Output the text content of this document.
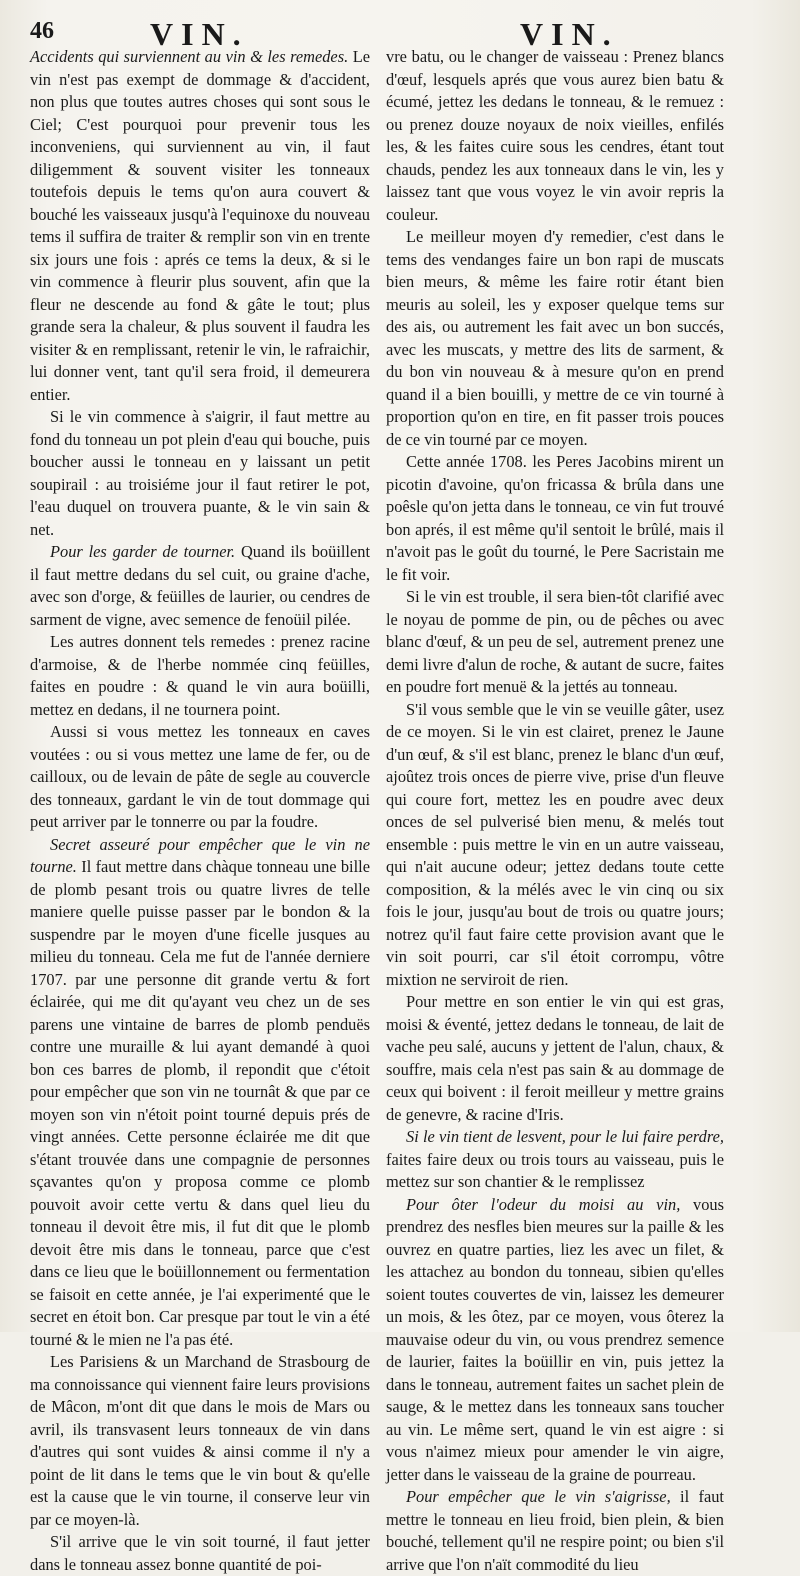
46	VIN.	VIN.

Accidents qui surviennent au vin & les remedes. Le vin n'est pas exempt de dommage & d'accident, non plus que toutes autres choses qui sont sous le Ciel; C'est pourquoi pour prevenir tous les inconveniens, qui surviennent au vin, il faut diligemment & souvent visiter les tonneaux toutefois depuis le tems qu'on aura couvert & bouché les vaisseaux jusqu'à l'equinoxe du nouveau tems il suffira de traiter & remplir son vin en trente six jours une fois : aprés ce tems la deux, & si le vin commence à fleurir plus souvent, afin que la fleur ne descende au fond & gâte le tout; plus grande sera la chaleur, & plus souvent il faudra les visiter & en remplissant, retenir le vin, le rafraichir, lui donner vent, tant qu'il sera froid, il demeurera entier.

Si le vin commence à s'aigrir, il faut mettre au fond du tonneau un pot plein d'eau qui bouche, puis boucher aussi le tonneau en y laissant un petit soupirail : au troisiéme jour il faut retirer le pot, l'eau duquel on trouvera puante, & le vin sain & net.

Pour les garder de tourner. Quand ils boüillent il faut mettre dedans du sel cuit, ou graine d'ache, avec son d'orge, & feüilles de laurier, ou cendres de sarment de vigne, avec semence de fenoüil pilée.

Les autres donnent tels remedes : prenez racine d'armoise, & de l'herbe nommée cinq feüilles, faites en poudre : & quand le vin aura boüilli, mettez en dedans, il ne tournera point.

Aussi si vous mettez les tonneaux en caves voutées : ou si vous mettez une lame de fer, ou de cailloux, ou de levain de pâte de segle au couvercle des tonneaux, gardant le vin de tout dommage qui peut arriver par le tonnerre ou par la foudre.

Secret asseuré pour empêcher que le vin ne tourne. Il faut mettre dans chàque tonneau une bille de plomb pesant trois ou quatre livres de telle maniere quelle puisse passer par le bondon & la suspendre par le moyen d'une ficelle jusques au milieu du tonneau. Cela me fut de l'année derniere 1707. par une personne dit grande vertu & fort éclairée, qui me dit qu'ayant veu chez un de ses parens une vintaine de barres de plomb penduës contre une muraille & lui ayant demandé à quoi bon ces barres de plomb, il repondit que c'étoit pour empêcher que son vin ne tournât & que par ce moyen son vin n'étoit point tourné depuis prés de vingt années. Cette personne éclairée me dit que s'étant trouvée dans une compagnie de personnes sçavantes qu'on y proposa comme ce plomb pouvoit avoir cette vertu & dans quel lieu du tonneau il devoit être mis, il fut dit que le plomb devoit être mis dans le tonneau, parce que c'est dans ce lieu que le boüillonnement ou fermentation se faisoit en cette année, je l'ai experimenté que le secret en étoit bon. Car presque par tout le vin a été tourné & le mien ne l'a pas été.

Les Parisiens & un Marchand de Strasbourg de ma connoissance qui viennent faire leurs provisions de Mâcon, m'ont dit que dans le mois de Mars ou avril, ils transvasent leurs tonneaux de vin dans d'autres qui sont vuides & ainsi comme il n'y a point de lit dans le tems que le vin bout & qu'elle est la cause que le vin tourne, il conserve leur vin par ce moyen-là.

S'il arrive que le vin soit tourné, il faut jetter dans le tonneau assez bonne quantité de poi-

vre batu, ou le changer de vaisseau : Prenez blancs d'œuf, lesquels aprés que vous aurez bien batu & écumé, jettez les dedans le tonneau, & le remuez : ou prenez douze noyaux de noix vieilles, enfilés les, & les faites cuire sous les cendres, étant tout chauds, pendez les aux tonneaux dans le vin, les y laissez tant que vous voyez le vin avoir repris la couleur.

Le meilleur moyen d'y remedier, c'est dans le tems des vendanges faire un bon rapi de muscats bien meurs, & même les faire rotir étant bien meuris au soleil, les y exposer quelque tems sur des ais, ou autrement les fait avec un bon succés, avec les muscats, y mettre des lits de sarment, & du bon vin nouveau & à mesure qu'on en prend quand il a bien bouilli, y mettre de ce vin tourné à proportion qu'on en tire, en fit passer trois pouces de ce vin tourné par ce moyen.

Cette année 1708. les Peres Jacobins mirent un picotin d'avoine, qu'on fricassa & brûla dans une poêsle qu'on jetta dans le tonneau, ce vin fut trouvé bon aprés, il est même qu'il sentoit le brûlé, mais il n'avoit pas le goût du tourné, le Pere Sacristain me le fit voir.

Si le vin est trouble, il sera bien-tôt clarifié avec le noyau de pomme de pin, ou de pêches ou avec blanc d'œuf, & un peu de sel, autrement prenez une demi livre d'alun de roche, & autant de sucre, faites en poudre fort menuë & la jettés au tonneau.

S'il vous semble que le vin se veuille gâter, usez de ce moyen. Si le vin est clairet, prenez le Jaune d'un œuf, & s'il est blanc, prenez le blanc d'un œuf, ajoûtez trois onces de pierre vive, prise d'un fleuve qui coure fort, mettez les en poudre avec deux onces de sel pulverisé bien menu, & melés tout ensemble : puis mettre le vin en un autre vaisseau, qui n'ait aucune odeur; jettez dedans toute cette composition, & la mélés avec le vin cinq ou six fois le jour, jusqu'au bout de trois ou quatre jours; notrez qu'il faut faire cette provision avant que le vin soit pourri, car s'il étoit corrompu, vôtre mixtion ne serviroit de rien.

Pour mettre en son entier le vin qui est gras, moisi & éventé, jettez dedans le tonneau, de lait de vache peu salé, aucuns y jettent de l'alun, chaux, & souffre, mais cela n'est pas sain & au dommage de ceux qui boivent : il feroit meilleur y mettre grains de genevre, & racine d'Iris.

Si le vin tient de lesvent, pour le lui faire perdre, faites faire deux ou trois tours au vaisseau, puis le mettez sur son chantier & le remplissez

Pour ôter l'odeur du moisi au vin, vous prendrez des nesfles bien meures sur la paille & les ouvrez en quatre parties, liez les avec un filet, & les attachez au bondon du tonneau, sibien qu'elles soient toutes couvertes de vin, laissez les demeurer un mois, & les ôtez, par ce moyen, vous ôterez la mauvaise odeur du vin, ou vous prendrez semence de laurier, faites la boüillir en vin, puis jettez la dans le tonneau, autrement faites un sachet plein de sauge, & le mettez dans les tonneaux sans toucher au vin. Le même sert, quand le vin est aigre : si vous n'aimez mieux pour amender le vin aigre, jetter dans le vaisseau de la graine de pourreau.

Pour empêcher que le vin s'aigrisse, il faut mettre le tonneau en lieu froid, bien plein, & bien bouché, tellement qu'il ne respire point; ou bien s'il arrive que l'on n'aït commodité du lieu
